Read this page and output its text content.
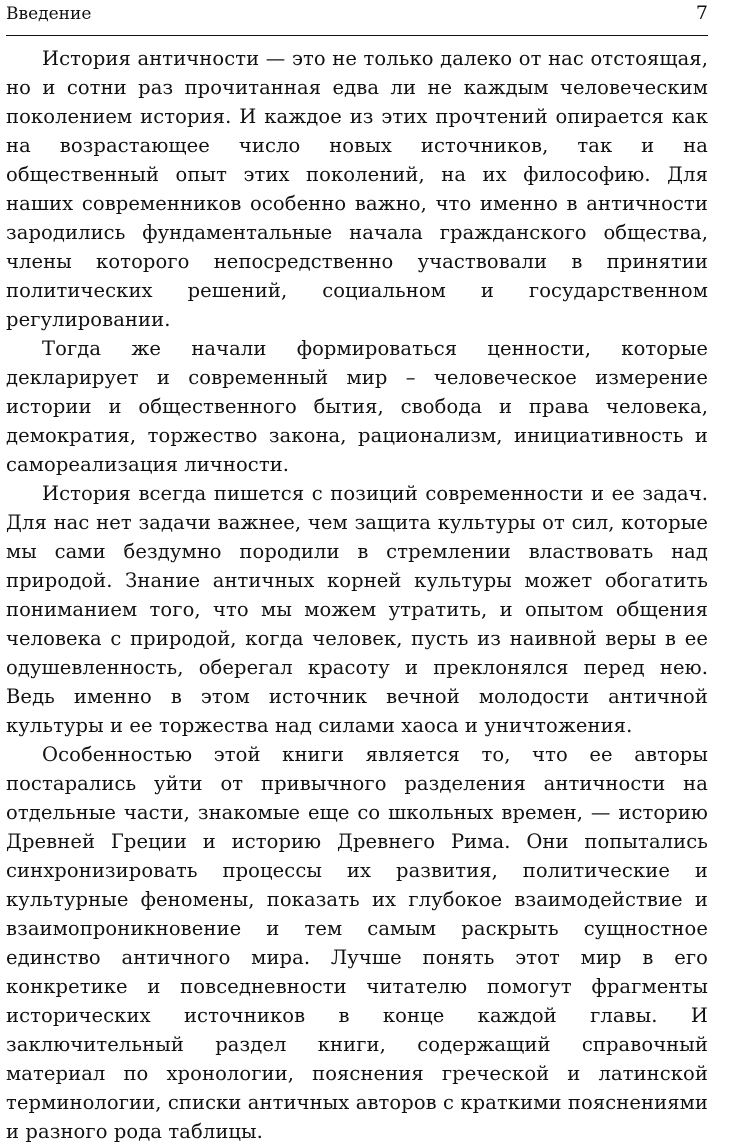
Введение	7

История античности — это не только далеко от нас отстоящая, но и сотни раз прочитанная едва ли не каждым человеческим поколением история. И каждое из этих прочтений опирается как на возрастающее число новых источников, так и на общественный опыт этих поколений, на их философию. Для наших современников особенно важно, что именно в античности зародились фундаментальные начала гражданского общества, члены которого непосредственно участвовали в принятии политических решений, социальном и государственном регулировании.

Тогда же начали формироваться ценности, которые декларирует и современный мир – человеческое измерение истории и общественного бытия, свобода и права человека, демократия, торжество закона, рационализм, инициативность и самореализация личности.

История всегда пишется с позиций современности и ее задач. Для нас нет задачи важнее, чем защита культуры от сил, которые мы сами бездумно породили в стремлении властвовать над природой. Знание античных корней культуры может обогатить пониманием того, что мы можем утратить, и опытом общения человека с природой, когда человек, пусть из наивной веры в ее одушевленность, оберегал красоту и преклонялся перед нею. Ведь именно в этом источник вечной молодости античной культуры и ее торжества над силами хаоса и уничтожения.

Особенностью этой книги является то, что ее авторы постарались уйти от привычного разделения античности на отдельные части, знакомые еще со школьных времен, — историю Древней Греции и историю Древнего Рима. Они попытались синхронизировать процессы их развития, политические и культурные феномены, показать их глубокое взаимодействие и взаимопроникновение и тем самым раскрыть сущностное единство античного мира. Лучше понять этот мир в его конкретике и повседневности читателю помогут фрагменты исторических источников в конце каждой главы. И заключительный раздел книги, содержащий справочный материал по хронологии, пояснения греческой и латинской терминологии, списки античных авторов с краткими пояснениями и разного рода таблицы.
